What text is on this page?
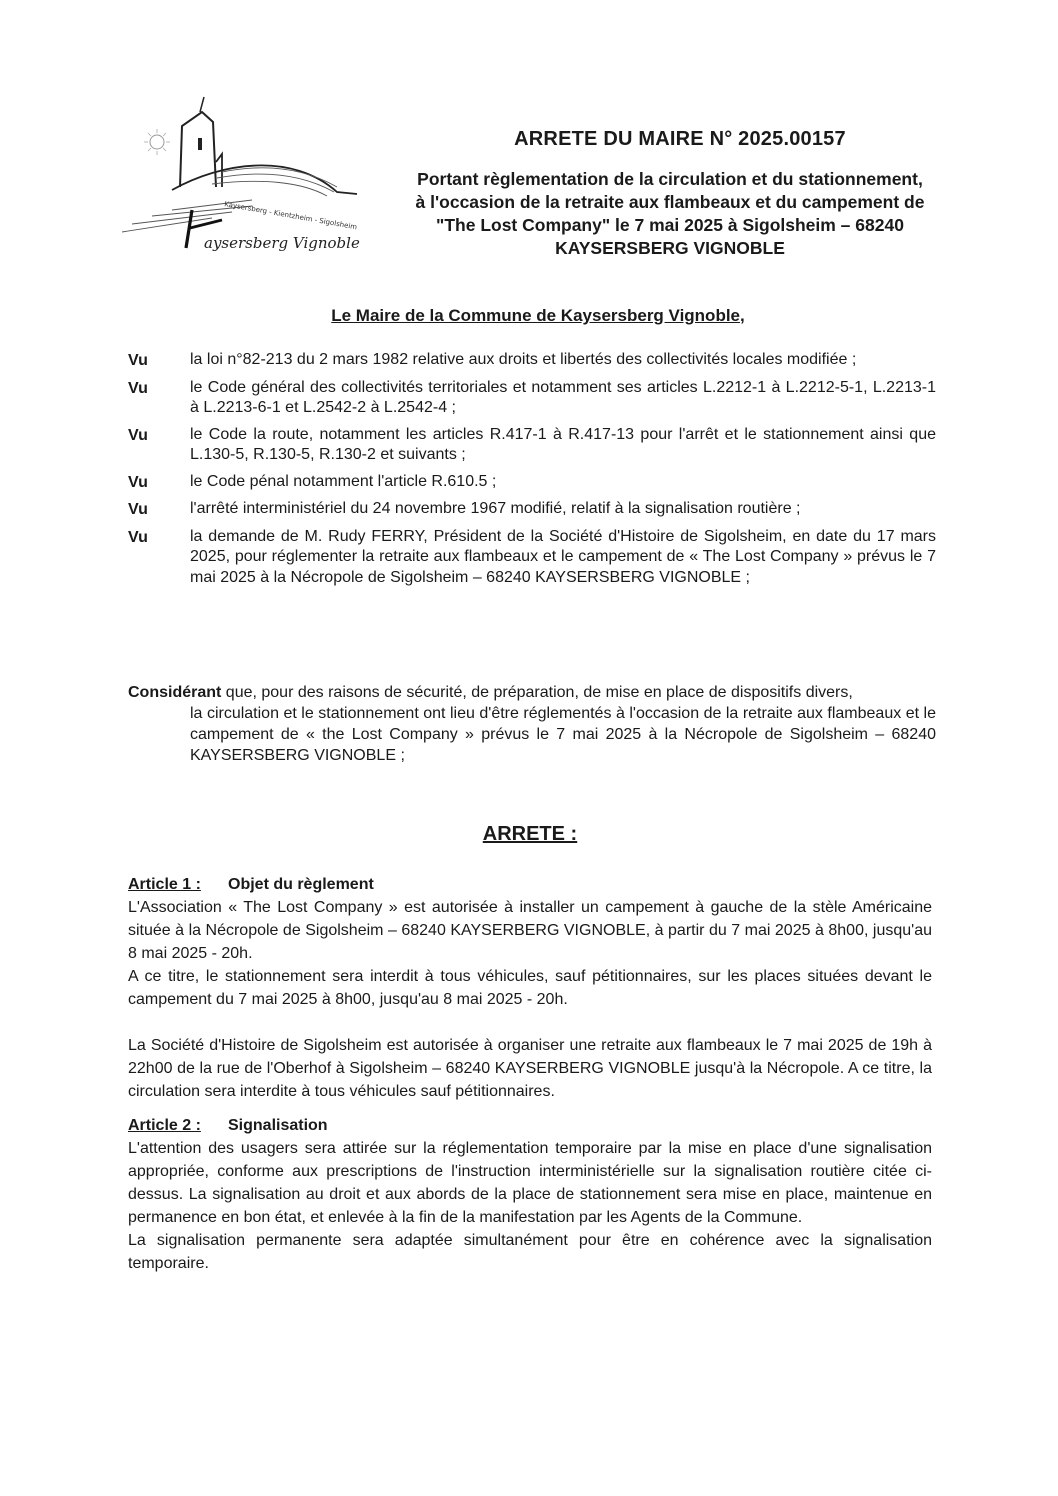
Kaysersberg - Kientzheim - Sigolsheim
aysersberg Vignoble
ARRETE DU MAIRE N° 2025.00157
Portant règlementation de la circulation et du stationnement,
à l'occasion de la retraite aux flambeaux et du campement de
"The Lost Company" le 7 mai 2025 à Sigolsheim – 68240
KAYSERSBERG VIGNOBLE
Le Maire de la Commune de Kaysersberg Vignoble,
Vu	la loi n°82-213 du 2 mars 1982 relative aux droits et libertés des collectivités locales modifiée ;
Vu	le Code général des collectivités territoriales et notamment ses articles L.2212-1 à L.2212-5-1, L.2213-1 à L.2213-6-1 et L.2542-2 à L.2542-4 ;
Vu	le Code la route, notamment les articles R.417-1 à R.417-13 pour l'arrêt et le stationnement ainsi que L.130-5, R.130-5, R.130-2 et suivants ;
Vu	le Code pénal notamment l'article R.610.5 ;
Vu	l'arrêté interministériel du 24 novembre 1967 modifié, relatif à la signalisation routière ;
Vu	la demande de M. Rudy FERRY, Président de la Société d'Histoire de Sigolsheim, en date du 17 mars 2025, pour réglementer la retraite aux flambeaux et le campement de « The Lost Company » prévus le 7 mai 2025 à la Nécropole de Sigolsheim – 68240 KAYSERSBERG VIGNOBLE ;
Considérant que, pour des raisons de sécurité, de préparation, de mise en place de dispositifs divers,
la circulation et le stationnement ont lieu d'être réglementés à l'occasion de la retraite aux flambeaux et le campement de « the Lost Company » prévus le 7 mai 2025 à la Nécropole de Sigolsheim – 68240 KAYSERSBERG VIGNOBLE ;
ARRETE :
Article 1 : Objet du règlement

L'Association « The Lost Company » est autorisée à installer un campement à gauche de la stèle Américaine située à la Nécropole de Sigolsheim – 68240 KAYSERBERG VIGNOBLE, à partir du 7 mai 2025 à 8h00, jusqu'au 8 mai 2025 - 20h.

A ce titre, le stationnement sera interdit à tous véhicules, sauf pétitionnaires, sur les places situées devant le campement du 7 mai 2025 à 8h00, jusqu'au 8 mai 2025 - 20h.

La Société d'Histoire de Sigolsheim est autorisée à organiser une retraite aux flambeaux le 7 mai 2025 de 19h à 22h00 de la rue de l'Oberhof à Sigolsheim – 68240 KAYSERBERG VIGNOBLE jusqu'à la Nécropole. A ce titre, la circulation sera interdite à tous véhicules sauf pétitionnaires.

Article 2 : Signalisation

L'attention des usagers sera attirée sur la réglementation temporaire par la mise en place d'une signalisation appropriée, conforme aux prescriptions de l'instruction interministérielle sur la signalisation routière citée ci-dessus. La signalisation au droit et aux abords de la place de stationnement sera mise en place, maintenue en permanence en bon état, et enlevée à la fin de la manifestation par les Agents de la Commune.

La signalisation permanente sera adaptée simultanément pour être en cohérence avec la signalisation temporaire.
